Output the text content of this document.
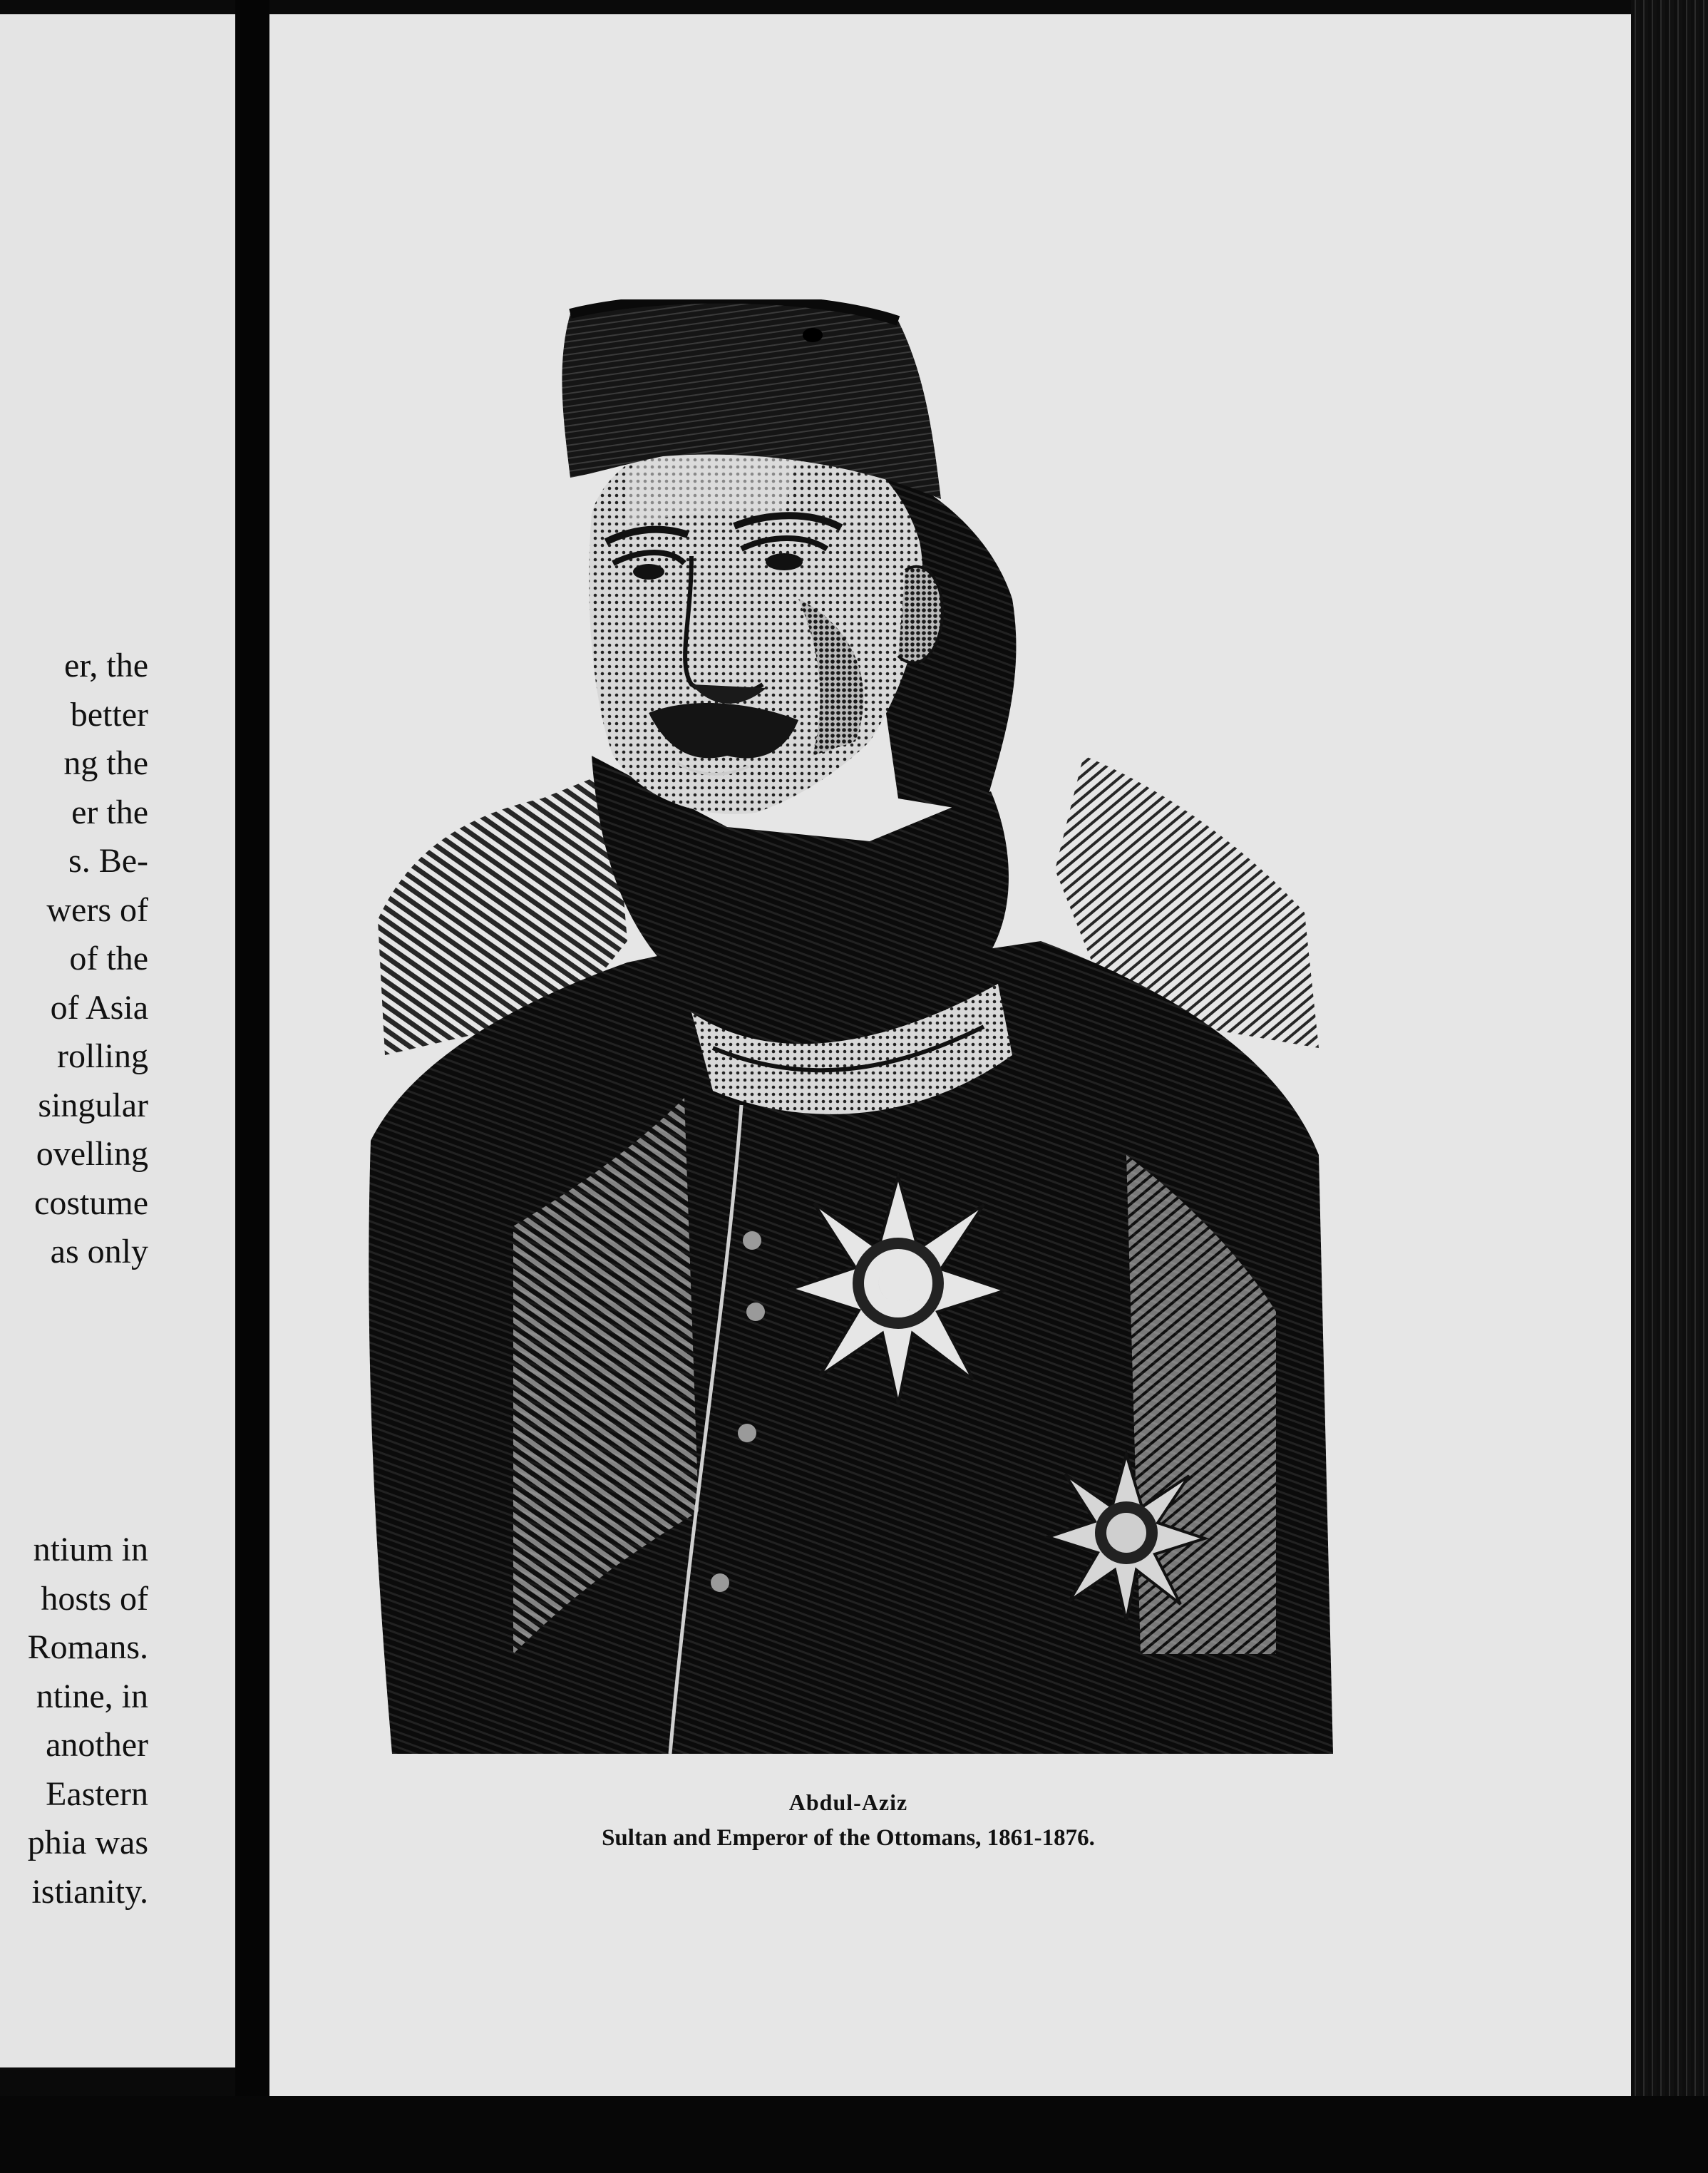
er, the
better
ng the
er the
s. Be-
wers of
of the
of Asia
rolling
singular
ovelling
costume
as only
ntium in
hosts of
Romans.
ntine, in
another
Eastern
phia was
istianity.
Abdul-Aziz
Sultan and Emperor of the Ottomans, 1861-1876.
